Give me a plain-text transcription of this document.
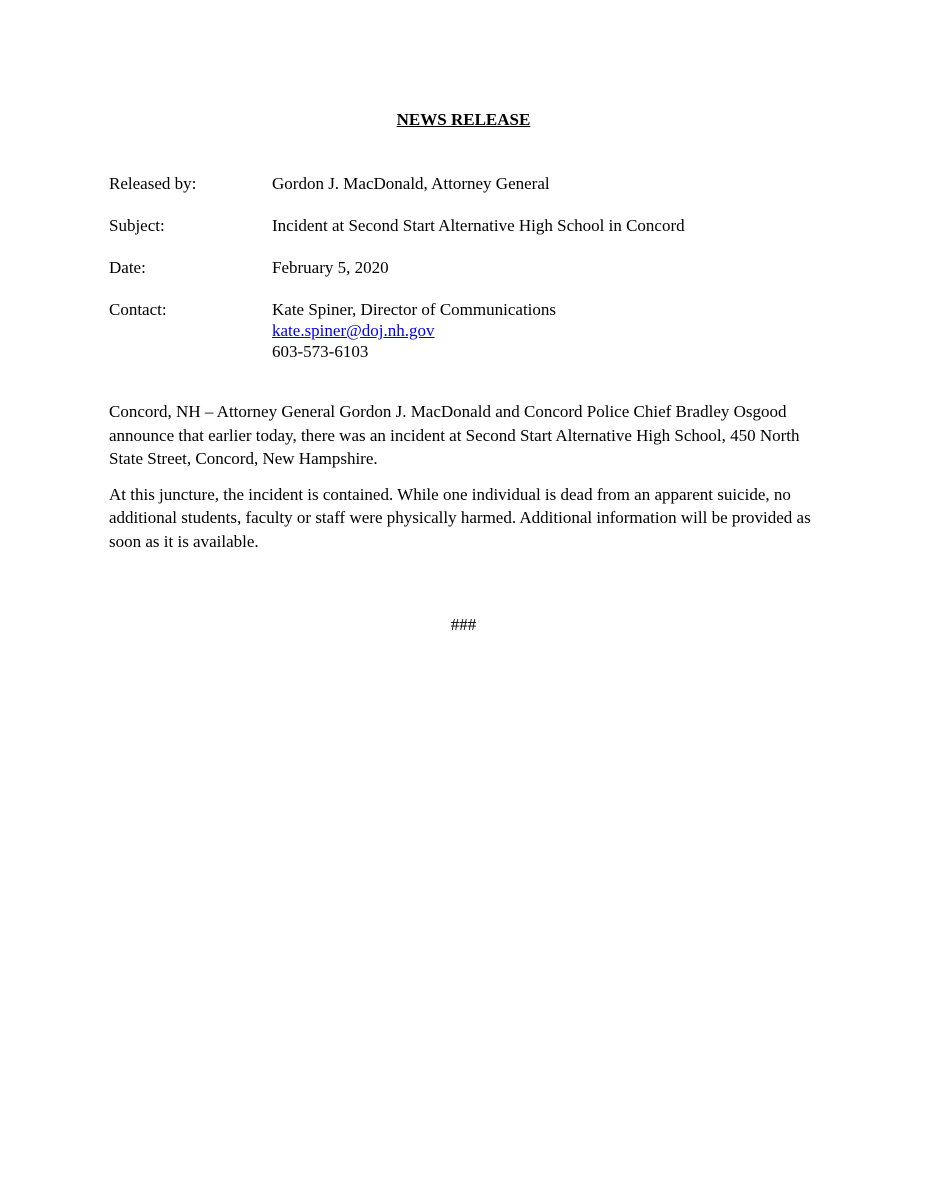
NEWS RELEASE
Released by:	Gordon J. MacDonald, Attorney General
Subject:	Incident at Second Start Alternative High School in Concord
Date:	February 5, 2020
Contact:	Kate Spiner, Director of Communications
kate.spiner@doj.nh.gov
603-573-6103

Concord, NH – Attorney General Gordon J. MacDonald and Concord Police Chief Bradley Osgood announce that earlier today, there was an incident at Second Start Alternative High School, 450 North State Street, Concord, New Hampshire.

At this juncture, the incident is contained. While one individual is dead from an apparent suicide, no additional students, faculty or staff were physically harmed. Additional information will be provided as soon as it is available.

###
